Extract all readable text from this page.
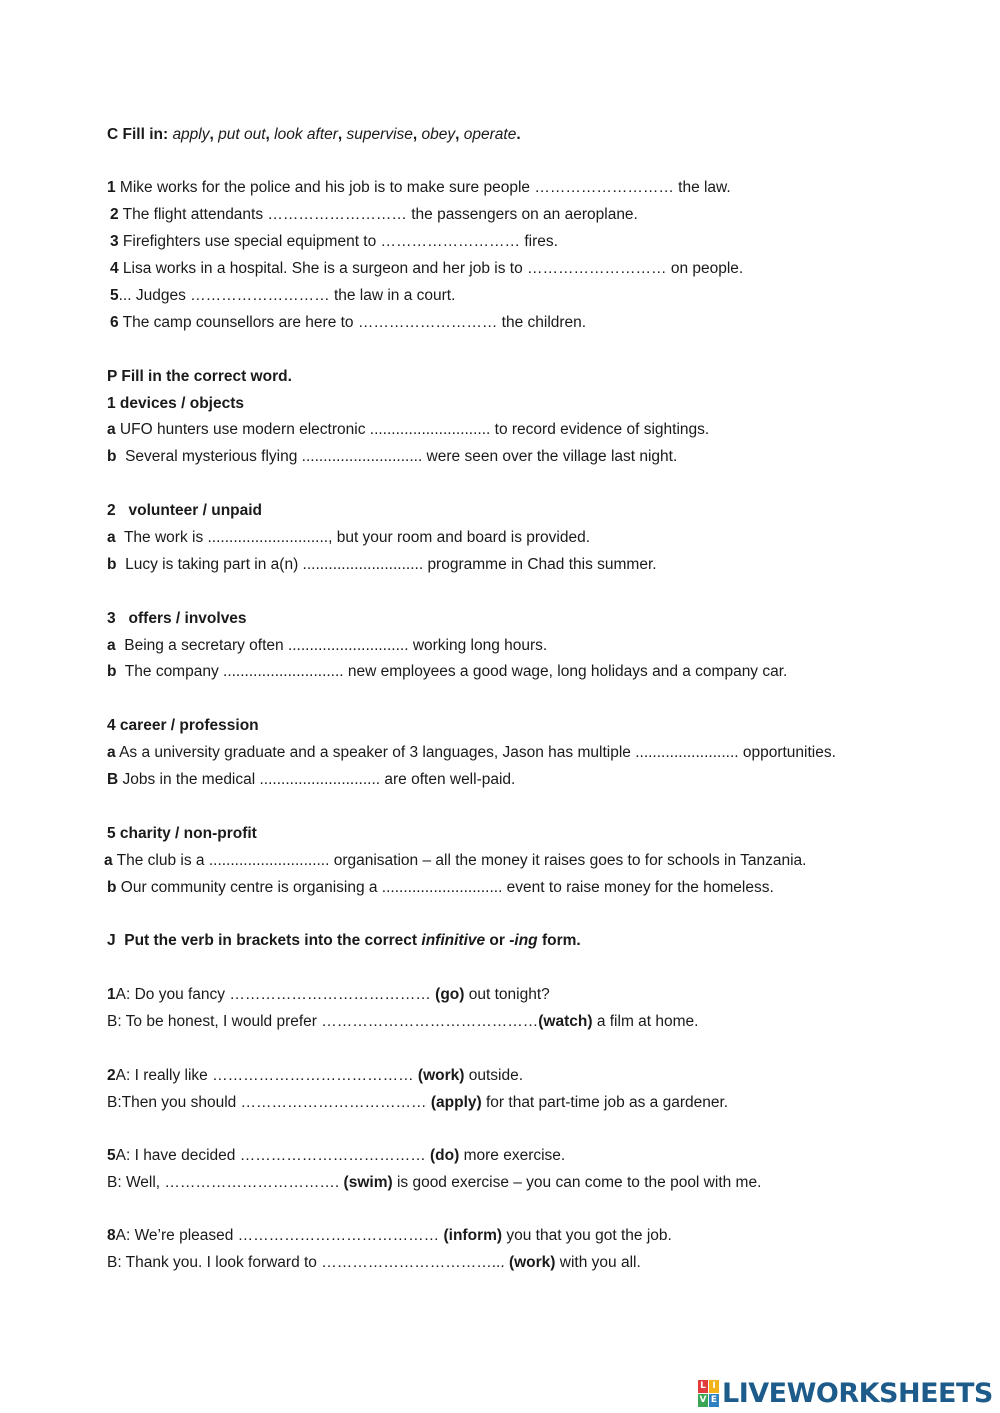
C Fill in: apply, put out, look after, supervise, obey, operate.
1 Mike works for the police and his job is to make sure people ……………………… the law.
2 The flight attendants ……………………… the passengers on an aeroplane.
3 Firefighters use special equipment to ……………………… fires.
4 Lisa works in a hospital. She is a surgeon and her job is to ……………………… on people.
5... Judges ……………………… the law in a court.
6 The camp counsellors are here to ……………………… the children.
P Fill in the correct word.
1 devices / objects
a UFO hunters use modern electronic ............................ to record evidence of sightings.
b  Several mysterious flying ............................ were seen over the village last night.
2   volunteer / unpaid
a  The work is ............................, but your room and board is provided.
b  Lucy is taking part in a(n) ............................ programme in Chad this summer.
3   offers / involves
a  Being a secretary often ............................ working long hours.
b  The company ............................ new employees a good wage, long holidays and a company car.
4 career / profession
a As a university graduate and a speaker of 3 languages, Jason has multiple ........................ opportunities.
B Jobs in the medical ............................ are often well-paid.
5 charity / non-profit
a The club is a ............................ organisation – all the money it raises goes to for schools in Tanzania.
b Our community centre is organising a ............................ event to raise money for the homeless.
J  Put the verb in brackets into the correct infinitive or -ing form.
1A: Do you fancy ………………………………… (go) out tonight?
B: To be honest, I would prefer ……………………………………(watch) a film at home.
2A: I really like ………………………………… (work) outside.
B:Then you should ……………………………… (apply) for that part-time job as a gardener.
5A: I have decided ……………………………… (do) more exercise.
B: Well, ……………………………. (swim) is good exercise – you can come to the pool with me.
8A: We’re pleased ………………………………… (inform) you that you got the job.
B: Thank you. I look forward to ……………………………... (work) with you all.
L I
V E LIVEWORKSHEETS
